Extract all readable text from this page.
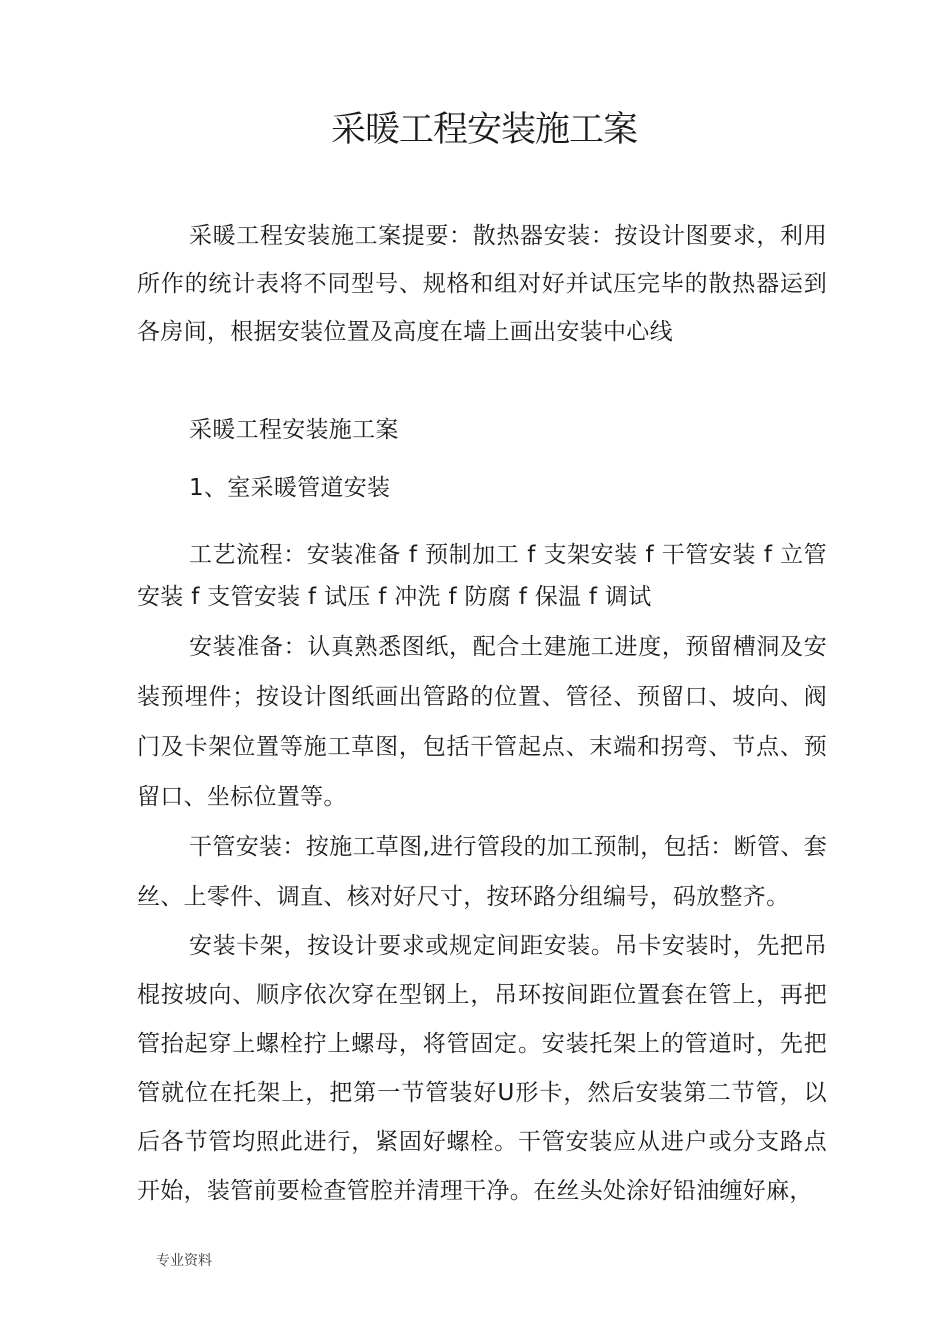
采暖工程安装施工案

采暖工程安装施工案提要：散热器安装：按设计图要求，利用所作的统计表将不同型号、规格和组对好并试压完毕的散热器运到各房间，根据安装位置及高度在墙上画出安装中心线

采暖工程安装施工案

1、室采暖管道安装

工艺流程：安装准备 f 预制加工 f 支架安装 f 干管安装 f 立管安装 f 支管安装 f 试压 f 冲洗 f 防腐 f 保温 f 调试

安装准备：认真熟悉图纸，配合土建施工进度，预留槽洞及安装预埋件；按设计图纸画出管路的位置、管径、预留口、坡向、阀门及卡架位置等施工草图，包括干管起点、末端和拐弯、节点、预留口、坐标位置等。

干管安装：按施工草图,进行管段的加工预制，包括：断管、套丝、上零件、调直、核对好尺寸，按环路分组编号，码放整齐。

安装卡架，按设计要求或规定间距安装。吊卡安装时，先把吊棍按坡向、顺序依次穿在型钢上，吊环按间距位置套在管上，再把管抬起穿上螺栓拧上螺母，将管固定。安装托架上的管道时，先把管就位在托架上，把第一节管装好U形卡，然后安装第二节管，以后各节管均照此进行，紧固好螺栓。干管安装应从进户或分支路点开始，装管前要检查管腔并清理干净。在丝头处涂好铅油缠好麻，

专业资料
